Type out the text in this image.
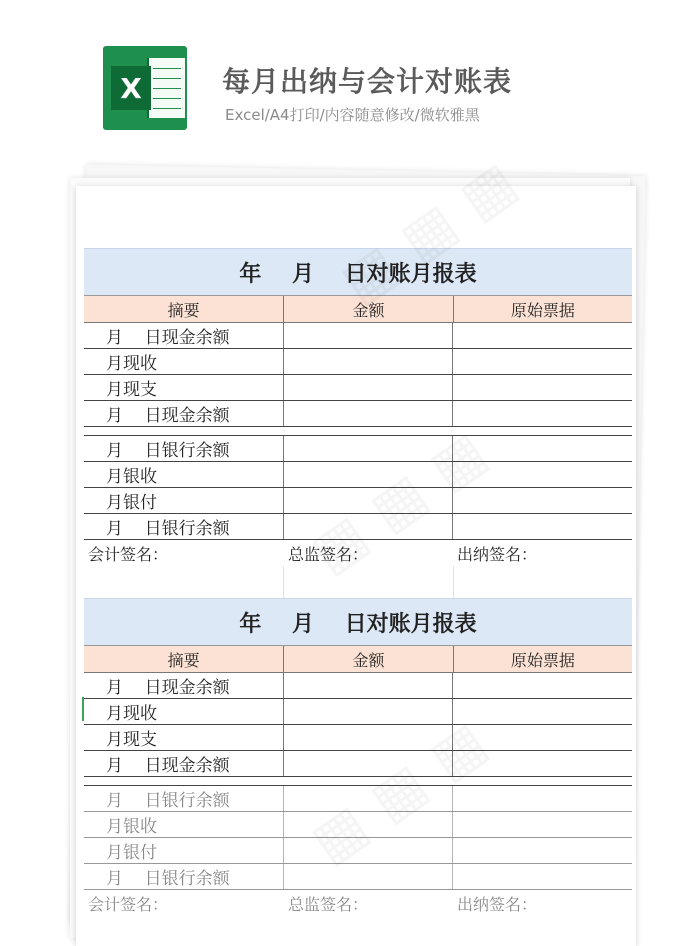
X	每月出纳与会计对账表
Excel/A4打印/内容随意修改/微软雅黑
年    月    日对账月报表
摘要	金额	原始票据
月    日现金余额
月现收
月现支
月    日现金余额
月    日银行余额
月银收
月银付
月    日银行余额
会计签名：	总监签名：	出纳签名：
年    月    日对账月报表
摘要	金额	原始票据
月    日现金余额
月现收
月现支
月    日现金余额
月    日银行余额
月银收
月银付
月    日银行余额
会计签名：	总监签名：	出纳签名：
